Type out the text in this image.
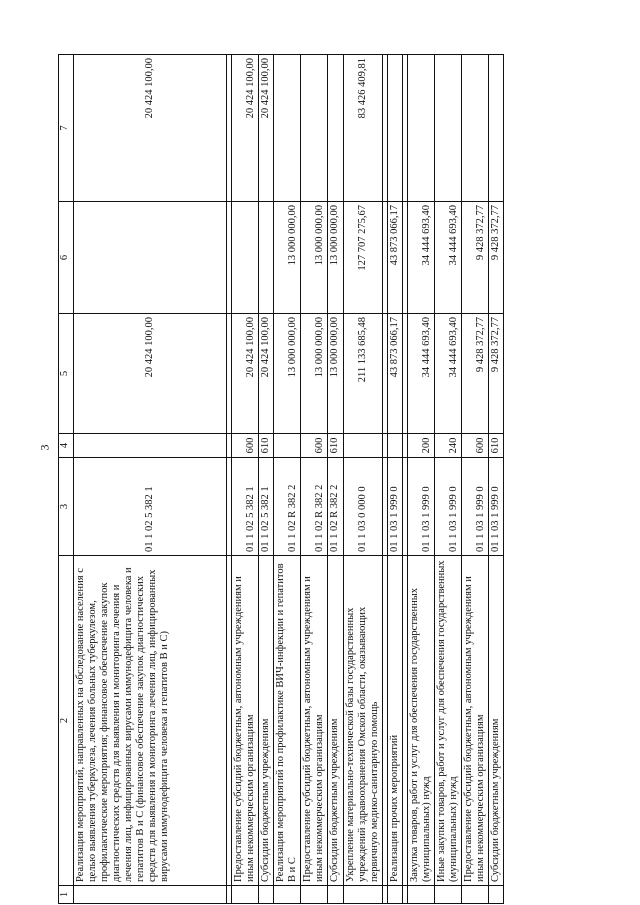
3
1	2	3	4	5	6	7
	Реализация мероприятий, направленных на обследование населения с целью выявления туберкулеза, лечения больных туберкулезом, профилактические мероприятия; финансовое обеспечение закупок диагностических средств для выявления и мониторинга лечения и лечения лиц, инфицированных вирусами иммунодефицита человека и гепатитов В и С (финансовое обеспечение закупок диагностических средств для выявления и мониторинга лечения лиц, инфицированных вирусами иммунодефицита человека и гепатитов В и С)	01 1 02 5 382 1		20 424 100,00		20 424 100,00

	Предоставление субсидий бюджетным, автономным учреждениям и иным некоммерческим организациям	01 1 02 5 382 1	600	20 424 100,00		20 424 100,00
	Субсидии бюджетным учреждениям	01 1 02 5 382 1	610	20 424 100,00		20 424 100,00
	Реализация мероприятий по профилактике ВИЧ-инфекции и гепатитов В и С	01 1 02 R 382 2		13 000 000,00	13 000 000,00	
	Предоставление субсидий бюджетным, автономным учреждениям и иным некоммерческим организациям	01 1 02 R 382 2	600	13 000 000,00	13 000 000,00	
	Субсидии бюджетным учреждениям	01 1 02 R 382 2	610	13 000 000,00	13 000 000,00	
	Укрепление материально-технической базы государственных учреждений здравоохранения Омской области, оказывающих первичную медико-санитарную помощь	01 1 03 0 000 0		211 133 685,48	127 707 275,67	83 426 409,81

	Реализация прочих мероприятий	01 1 03 1 999 0		43 873 066,17	43 873 066,17	

	Закупка товаров, работ и услуг для обеспечения государственных (муниципальных) нужд	01 1 03 1 999 0	200	34 444 693,40	34 444 693,40	
	Иные закупки товаров, работ и услуг для обеспечения государственных (муниципальных) нужд	01 1 03 1 999 0	240	34 444 693,40	34 444 693,40	
	Предоставление субсидий бюджетным, автономным учреждениям и иным некоммерческим организациям	01 1 03 1 999 0	600	9 428 372,77	9 428 372,77	
	Субсидии бюджетным учреждениям	01 1 03 1 999 0	610	9 428 372,77	9 428 372,77	
